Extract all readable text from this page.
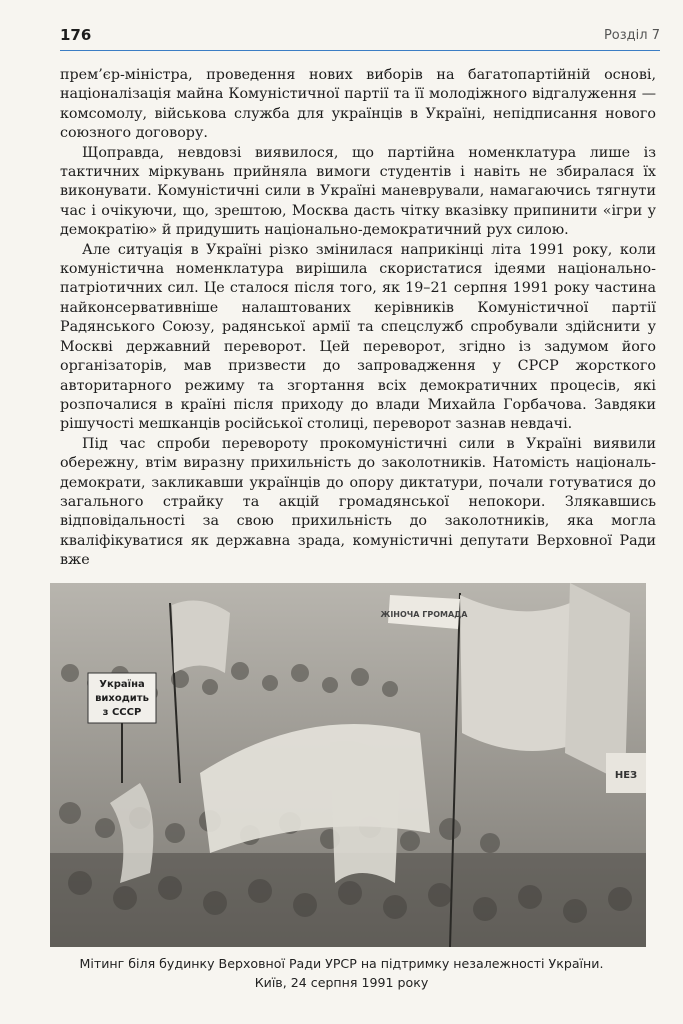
176	Розділ 7

прем’єр-міністра, проведення нових виборів на багатопартійній основі, націоналізація майна Комуністичної партії та її молодіжного відгалуження — комсомолу, військова служба для українців в Україні, непідписання нового союзного договору.

Щоправда, невдовзі виявилося, що партійна номенклатура лише із тактичних міркувань прийняла вимоги студентів і навіть не збиралася їх виконувати. Комуністичні сили в Україні маневрували, намагаючись тягнути час і очікуючи, що, зрештою, Москва дасть чітку вказівку припинити «ігри у демократію» й придушить національно-демократичний рух силою.

Але ситуація в Україні різко змінилася наприкінці літа 1991 року, коли комуністична номенклатура вирішила скористатися ідеями національно-патріотичних сил. Це сталося після того, як 19–21 серпня 1991 року частина найконсервативніше налаштованих керівників Комуністичної партії Радянського Союзу, радянської армії та спецслужб спробували здійснити у Москві державний переворот. Цей переворот, згідно із задумом його організаторів, мав призвести до запровадження у СРСР жорсткого авторитарного режиму та згортання всіх демократичних процесів, які розпочалися в країні після приходу до влади Михайла Горбачова. Завдяки рішучості мешканців російської столиці, переворот зазнав невдачі.

Під час спроби перевороту прокомуністичні сили в Україні виявили обережну, втім виразну прихильність до заколотників. Натомість національ-демократи, закликавши українців до опору диктатури, почали готуватися до загального страйку та акцій громадянської непокори. Злякавшись відповідальності за свою прихильність до заколотників, яка могла кваліфікуватися як державна зрада, комуністичні депутати Верховної Ради вже

Україна
виходить
з СССР
ЖІНОЧА ГРОМАДА
НЕЗ
Мітинг біля будинку Верховної Ради УРСР на підтримку незалежності України.
Київ, 24 серпня 1991 року
